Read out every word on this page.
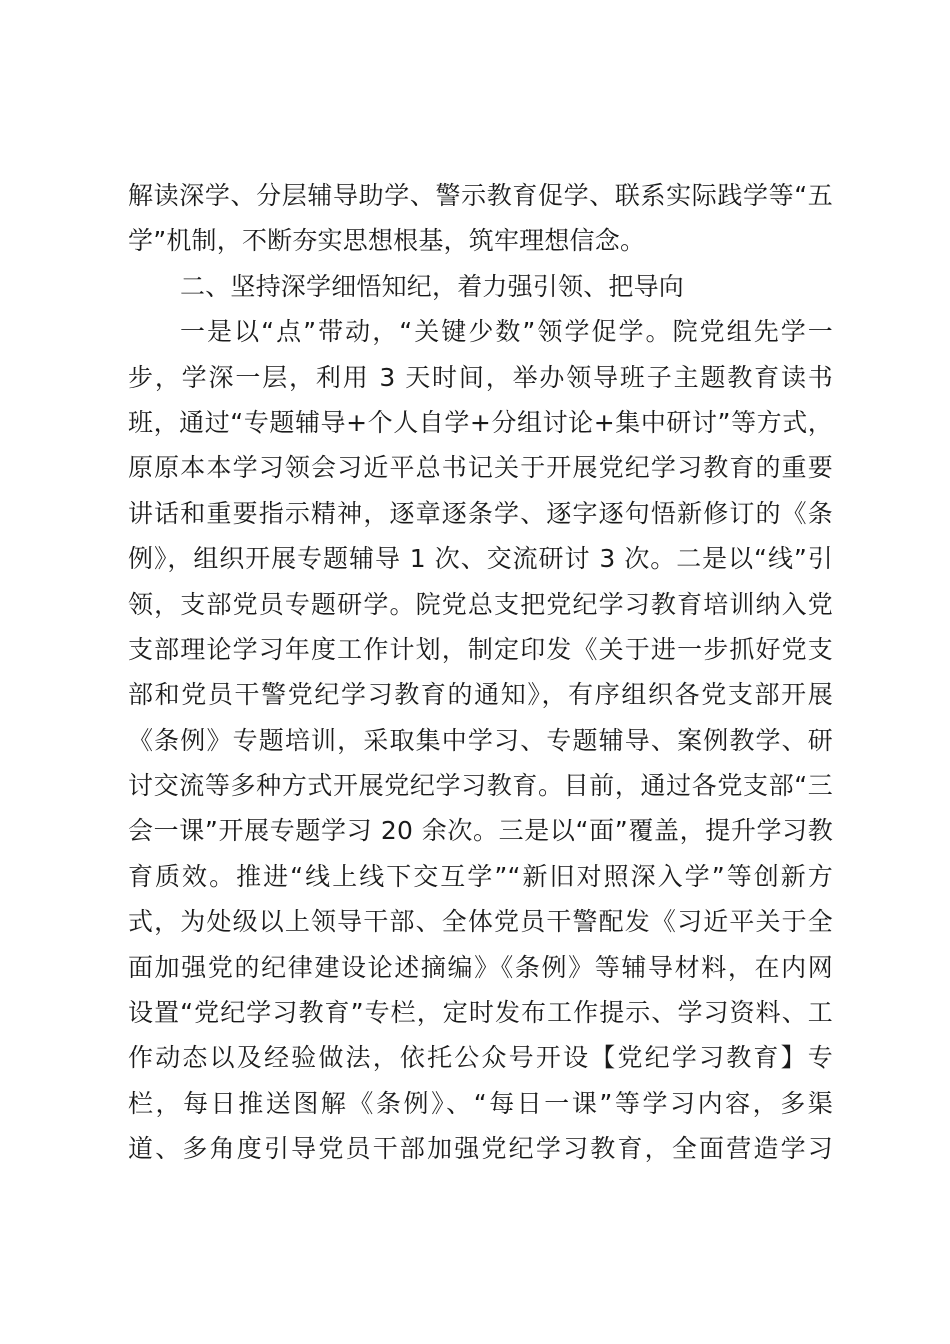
解读深学、分层辅导助学、警示教育促学、联系实际践学等“五
学”机制，不断夯实思想根基，筑牢理想信念。
二、坚持深学细悟知纪，着力强引领、把导向
一是以“点”带动，“关键少数”领学促学。院党组先学一
步，学深一层，利用 3 天时间，举办领导班子主题教育读书
班，通过“专题辅导+个人自学+分组讨论+集中研讨”等方式，
原原本本学习领会习近平总书记关于开展党纪学习教育的重要
讲话和重要指示精神，逐章逐条学、逐字逐句悟新修订的《条
例》，组织开展专题辅导 1 次、交流研讨 3 次。二是以“线”引
领，支部党员专题研学。院党总支把党纪学习教育培训纳入党
支部理论学习年度工作计划，制定印发《关于进一步抓好党支
部和党员干警党纪学习教育的通知》，有序组织各党支部开展
《条例》专题培训，采取集中学习、专题辅导、案例教学、研
讨交流等多种方式开展党纪学习教育。目前，通过各党支部“三
会一课”开展专题学习 20 余次。三是以“面”覆盖，提升学习教
育质效。推进“线上线下交互学”“新旧对照深入学”等创新方
式，为处级以上领导干部、全体党员干警配发《习近平关于全
面加强党的纪律建设论述摘编》《条例》等辅导材料，在内网
设置“党纪学习教育”专栏，定时发布工作提示、学习资料、工
作动态以及经验做法，依托公众号开设【党纪学习教育】专
栏，每日推送图解《条例》、“每日一课”等学习内容，多渠
道、多角度引导党员干部加强党纪学习教育，全面营造学习
